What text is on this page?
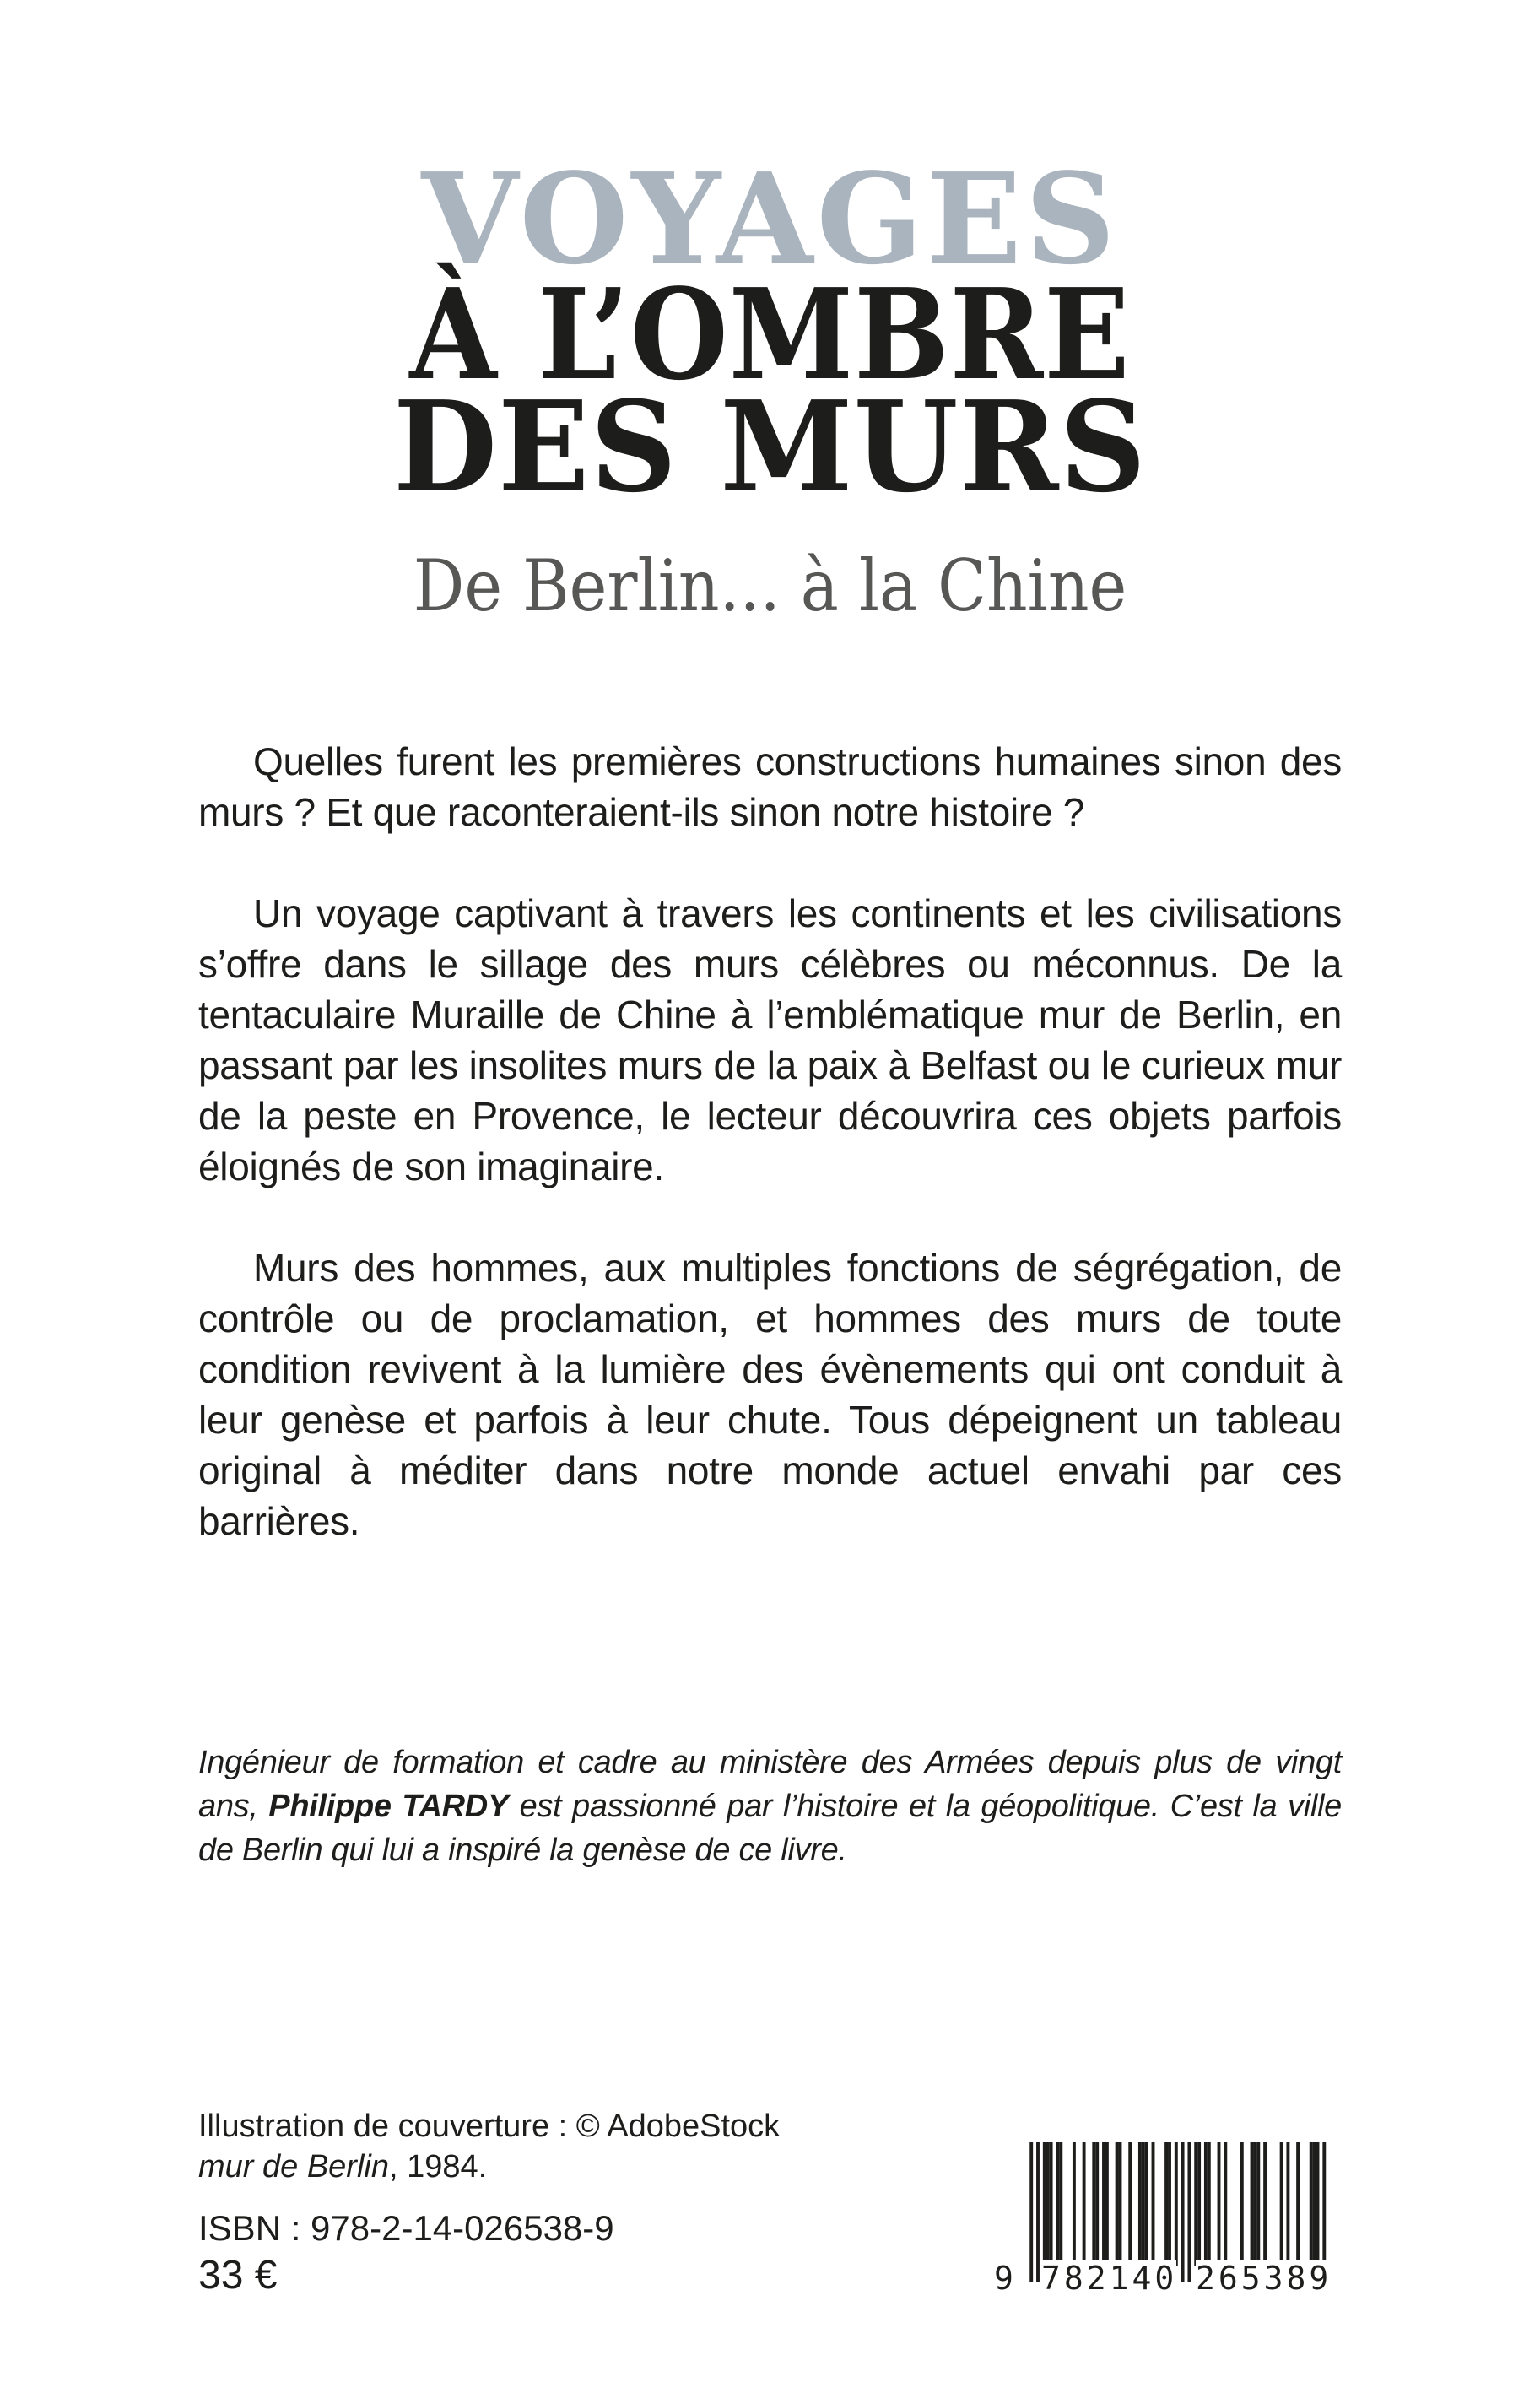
VOYAGES
À L’OMBRE
DES MURS
De Berlin... à la Chine

Quelles furent les premières constructions humaines sinon des murs ? Et que raconteraient-ils sinon notre histoire ?

Un voyage captivant à travers les continents et les civilisations s’offre dans le sillage des murs célèbres ou méconnus. De la tentaculaire Muraille de Chine à l’emblématique mur de Berlin, en passant par les insolites murs de la paix à Belfast ou le curieux mur de la peste en Provence, le lecteur découvrira ces objets parfois éloignés de son imaginaire.

Murs des hommes, aux multiples fonctions de ségrégation, de contrôle ou de proclamation, et hommes des murs de toute condition revivent à la lumière des évènements qui ont conduit à leur genèse et parfois à leur chute. Tous dépeignent un tableau original à méditer dans notre monde actuel envahi par ces barrières.

Ingénieur de formation et cadre au ministère des Armées depuis plus de vingt ans, Philippe TARDY est passionné par l’histoire et la géopolitique. C’est la ville de Berlin qui lui a inspiré la genèse de ce livre.
Illustration de couverture : © AdobeStock
mur de Berlin, 1984.
ISBN : 978-2-14-026538-9
33 €	9 782140 265389
